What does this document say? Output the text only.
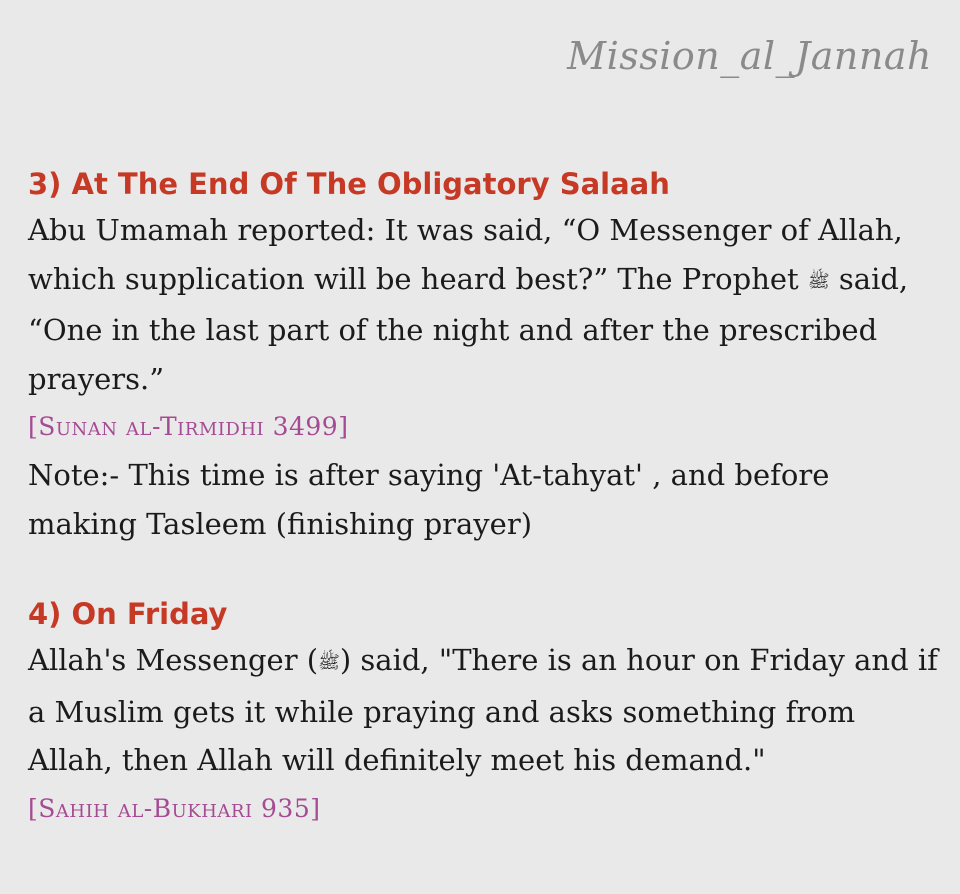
Mission_al_Jannah
3) At The End Of The Obligatory Salaah

Abu Umamah reported: It was said, “O Messenger of Allah, which supplication will be heard best?” The Prophet ﷺ said, “One in the last part of the night and after the prescribed prayers.”

[Sunan al-Tirmidhi 3499]

Note:- This time is after saying 'At-tahyat' , and before making Tasleem (finishing prayer)

4) On Friday

Allah's Messenger (ﷺ) said, "There is an hour on Friday and if a Muslim gets it while praying and asks something from Allah, then Allah will definitely meet his demand."

[Sahih al-Bukhari 935]
